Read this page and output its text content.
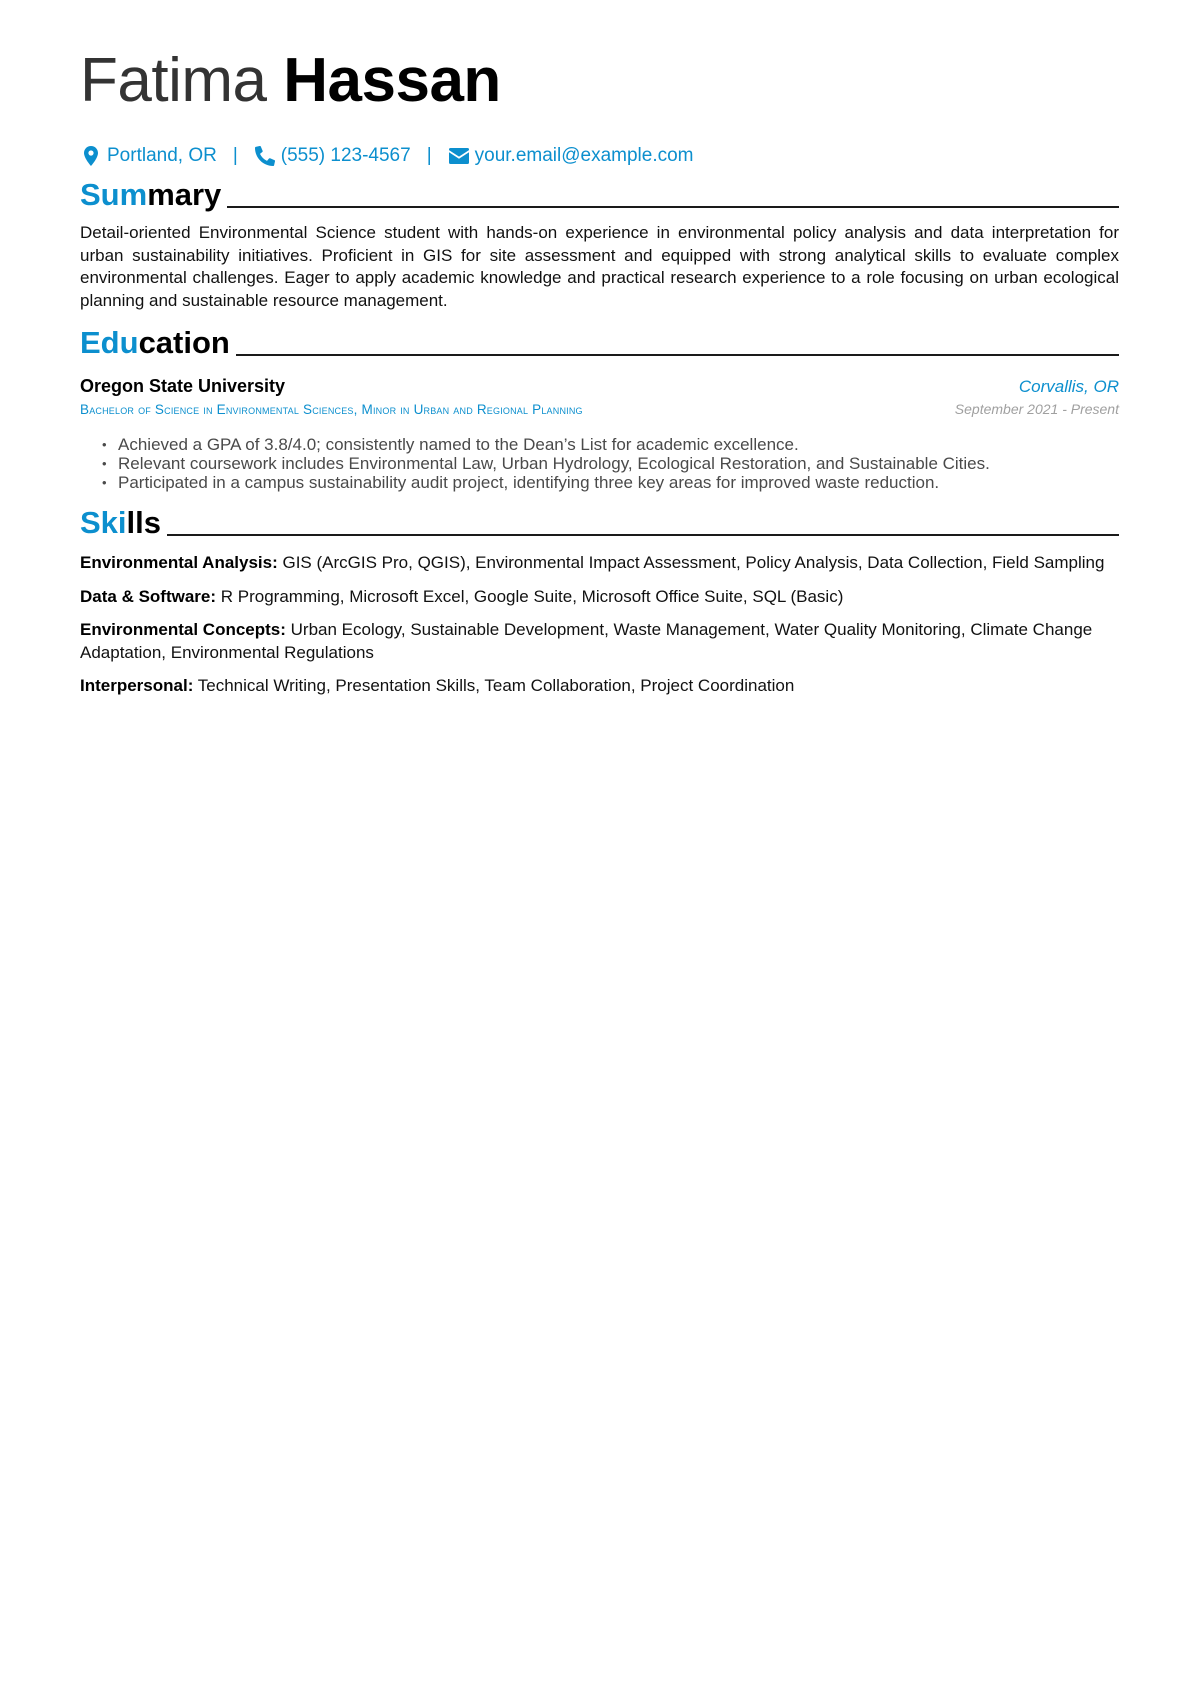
Fatima Hassan
Portland, OR | (555) 123-4567 | your.email@example.com
Summary

Detail-oriented Environmental Science student with hands-on experience in environmental policy analysis and data interpretation for urban sustainability initiatives. Proficient in GIS for site assessment and equipped with strong analytical skills to evaluate complex environmental challenges. Eager to apply academic knowledge and practical research experience to a role focusing on urban ecological planning and sustainable resource management.

Education
Oregon State University	Corvallis, OR
Bachelor of Science in Environmental Sciences, Minor in Urban and Regional Planning	September 2021 - Present
• Achieved a GPA of 3.8/4.0; consistently named to the Dean’s List for academic excellence.
• Relevant coursework includes Environmental Law, Urban Hydrology, Ecological Restoration, and Sustainable Cities.
• Participated in a campus sustainability audit project, identifying three key areas for improved waste reduction.
Skills

Environmental Analysis: GIS (ArcGIS Pro, QGIS), Environmental Impact Assessment, Policy Analysis, Data Collection, Field Sampling

Data & Software: R Programming, Microsoft Excel, Google Suite, Microsoft Office Suite, SQL (Basic)

Environmental Concepts: Urban Ecology, Sustainable Development, Waste Management, Water Quality Monitoring, Climate Change Adaptation, Environmental Regulations

Interpersonal: Technical Writing, Presentation Skills, Team Collaboration, Project Coordination
